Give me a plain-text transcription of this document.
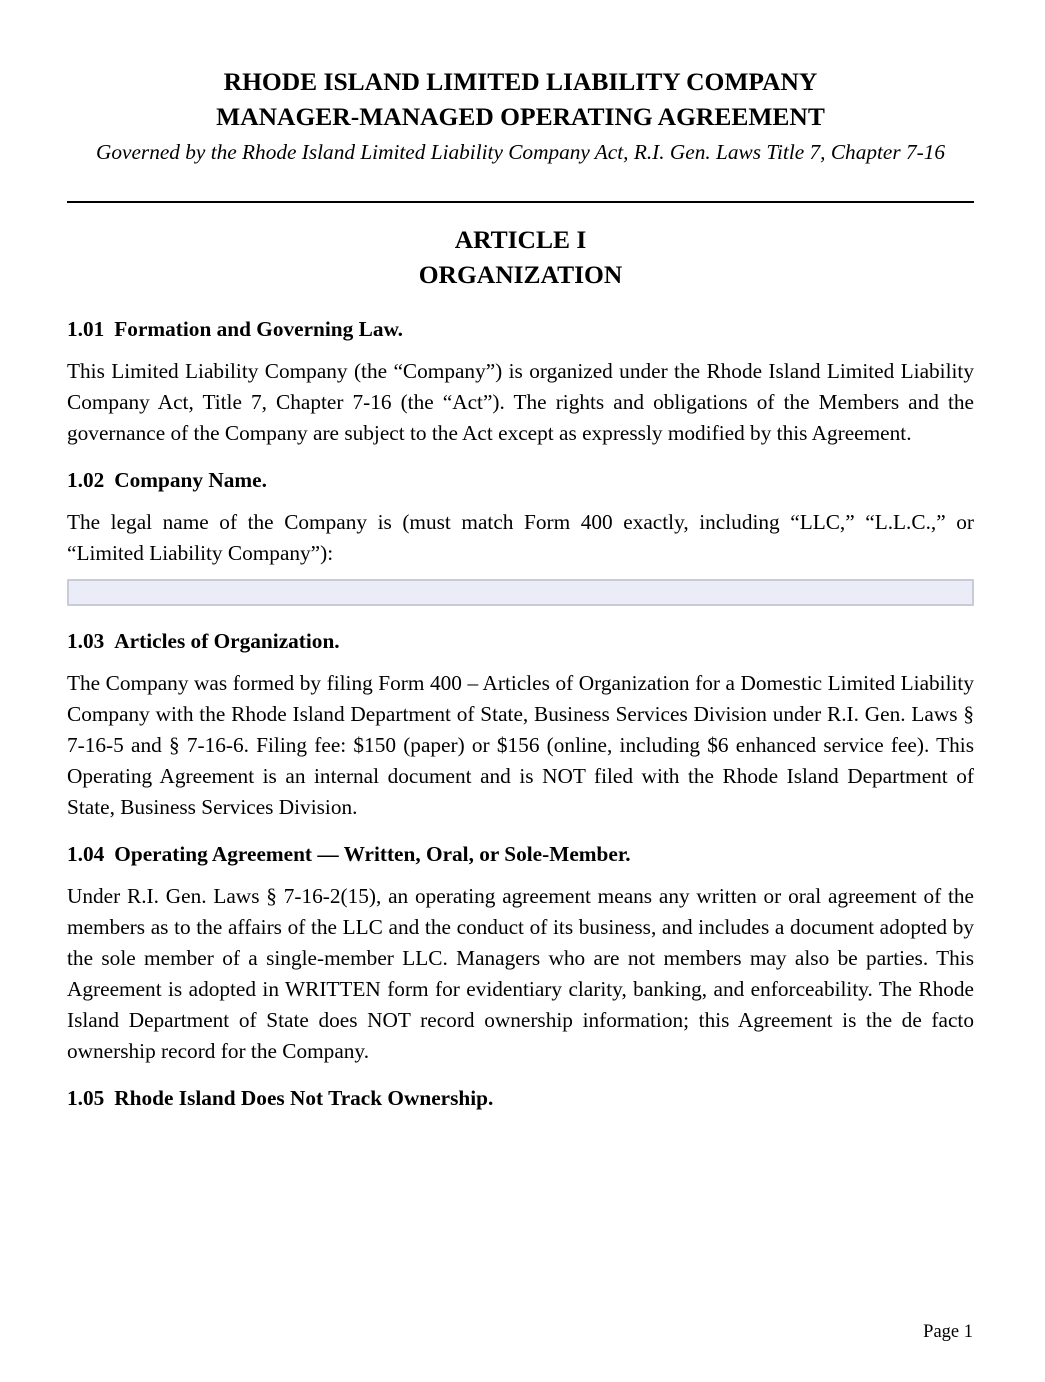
RHODE ISLAND LIMITED LIABILITY COMPANY
MANAGER-MANAGED OPERATING AGREEMENT
Governed by the Rhode Island Limited Liability Company Act, R.I. Gen. Laws Title 7, Chapter 7-16
ARTICLE I
ORGANIZATION
1.01 Formation and Governing Law.

This Limited Liability Company (the “Company”) is organized under the Rhode Island Limited Liability Company Act, Title 7, Chapter 7-16 (the “Act”). The rights and obligations of the Members and the governance of the Company are subject to the Act except as expressly modified by this Agreement.

1.02 Company Name.

The legal name of the Company is (must match Form 400 exactly, including “LLC,” “L.L.C.,” or “Limited Liability Company”):

1.03 Articles of Organization.

The Company was formed by filing Form 400 – Articles of Organization for a Domestic Limited Liability Company with the Rhode Island Department of State, Business Services Division under R.I. Gen. Laws § 7-16-5 and § 7-16-6. Filing fee: $150 (paper) or $156 (online, including $6 enhanced service fee). This Operating Agreement is an internal document and is NOT filed with the Rhode Island Department of State, Business Services Division.

1.04 Operating Agreement — Written, Oral, or Sole-Member.

Under R.I. Gen. Laws § 7-16-2(15), an operating agreement means any written or oral agreement of the members as to the affairs of the LLC and the conduct of its business, and includes a document adopted by the sole member of a single-member LLC. Managers who are not members may also be parties. This Agreement is adopted in WRITTEN form for evidentiary clarity, banking, and enforceability. The Rhode Island Department of State does NOT record ownership information; this Agreement is the de facto ownership record for the Company.

1.05 Rhode Island Does Not Track Ownership.
Page 1
